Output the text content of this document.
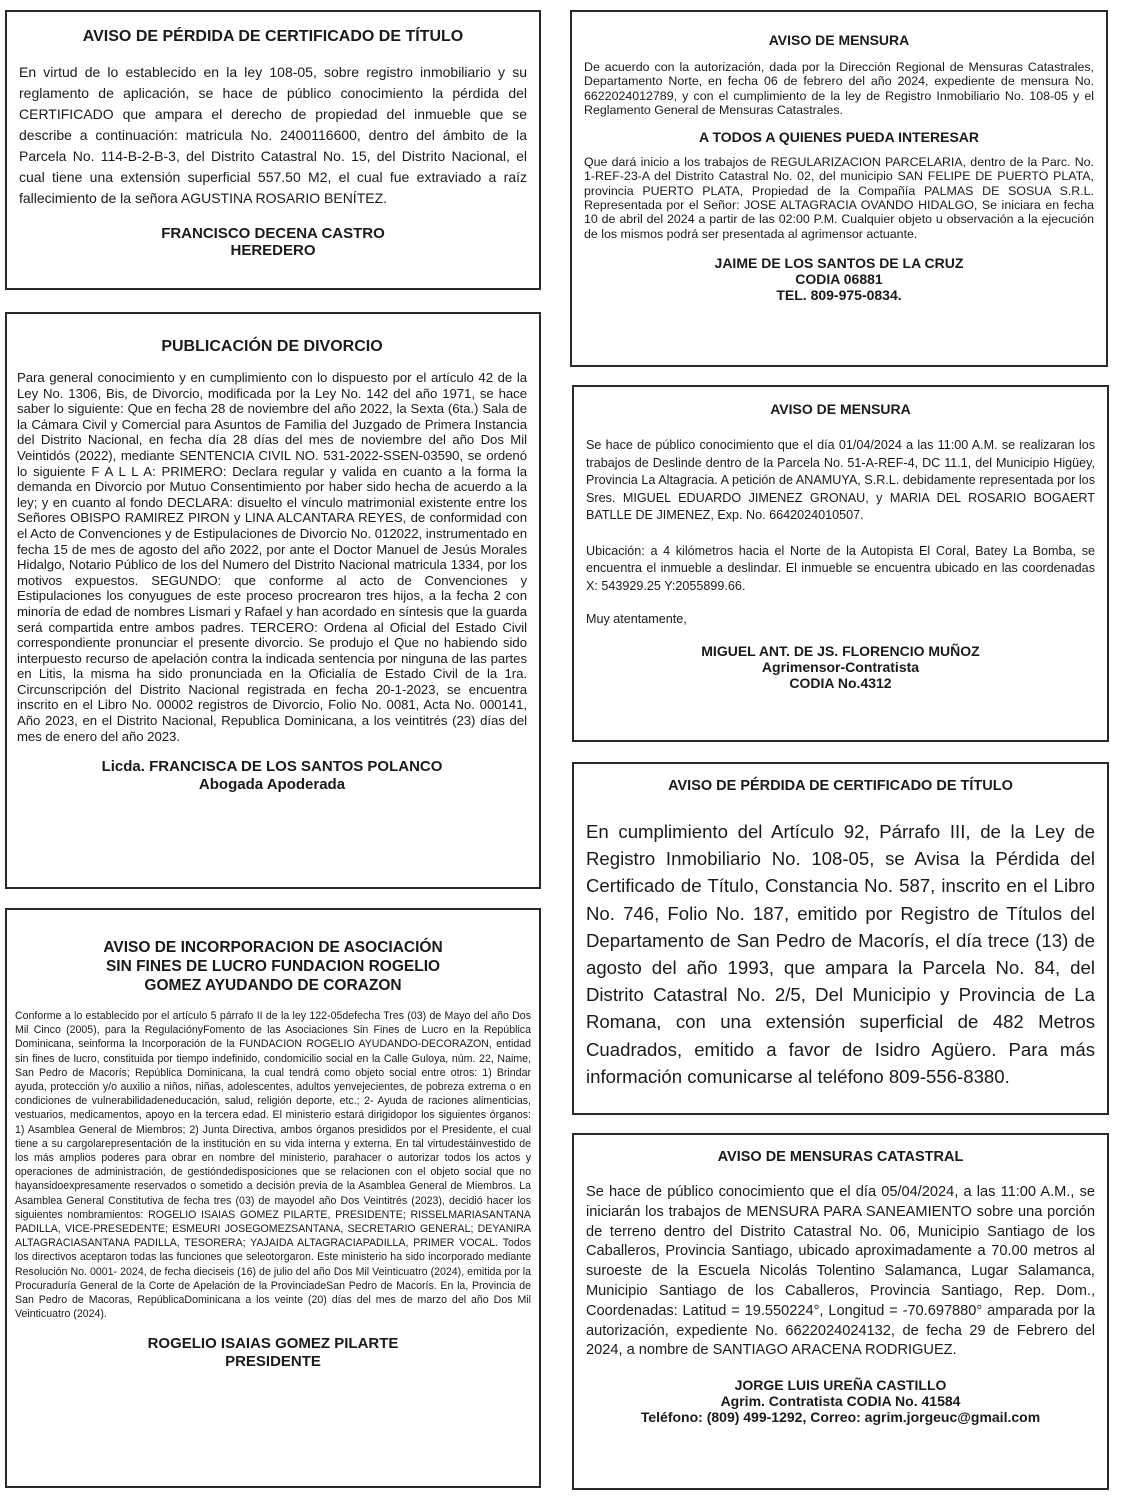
AVISO DE PÉRDIDA DE CERTIFICADO DE TÍTULO

En virtud de lo establecido en la ley 108-05, sobre registro inmobiliario y su reglamento de aplicación, se hace de público conocimiento la pérdida del CERTIFICADO que ampara el derecho de propiedad del inmueble que se describe a continuación: matricula No. 2400116600, dentro del ámbito de la Parcela No. 114-B-2-B-3, del Distrito Catastral No. 15, del Distrito Nacional, el cual tiene una extensión superficial 557.50 M2, el cual fue extraviado a raíz fallecimiento de la señora AGUSTINA ROSARIO BENÍTEZ.

FRANCISCO DECENA CASTRO
HEREDERO

PUBLICACIÓN DE DIVORCIO

Para general conocimiento y en cumplimiento con lo dispuesto por el artículo 42 de la Ley No. 1306, Bis, de Divorcio, modificada por la Ley No. 142 del año 1971, se hace saber lo siguiente: Que en fecha 28 de noviembre del año 2022, la Sexta (6ta.) Sala de la Cámara Civil y Comercial para Asuntos de Familia del Juzgado de Primera Instancia del Distrito Nacional, en fecha día 28 días del mes de noviembre del año Dos Mil Veintidós (2022), mediante SENTENCIA CIVIL NO. 531-2022-SSEN-03590, se ordenó lo siguiente F A L L A: PRIMERO: Declara regular y valida en cuanto a la forma la demanda en Divorcio por Mutuo Consentimiento por haber sido hecha de acuerdo a la ley; y en cuanto al fondo DECLARA: disuelto el vínculo matrimonial existente entre los Señores OBISPO RAMIREZ PIRON y LINA ALCANTARA REYES, de conformidad con el Acto de Convenciones y de Estipulaciones de Divorcio No. 012022, instrumentado en fecha 15 de mes de agosto del año 2022, por ante el Doctor Manuel de Jesús Morales Hidalgo, Notario Público de los del Numero del Distrito Nacional matricula 1334, por los motivos expuestos. SEGUNDO: que conforme al acto de Convenciones y Estipulaciones los conyugues de este proceso procrearon tres hijos, a la fecha 2 con minoría de edad de nombres Lismari y Rafael y han acordado en síntesis que la guarda será compartida entre ambos padres. TERCERO: Ordena al Oficial del Estado Civil correspondiente pronunciar el presente divorcio. Se produjo el Que no habiendo sido interpuesto recurso de apelación contra la indicada sentencia por ninguna de las partes en Litis, la misma ha sido pronunciada en la Oficialía de Estado Civil de la 1ra. Circunscripción del Distrito Nacional registrada en fecha 20-1-2023, se encuentra inscrito en el Libro No. 00002 registros de Divorcio, Folio No. 0081, Acta No. 000141, Año 2023, en el Distrito Nacional, Republica Dominicana, a los veintitrés (23) días del mes de enero del año 2023.

Licda. FRANCISCA DE LOS SANTOS POLANCO
Abogada Apoderada
AVISO DE INCORPORACION DE ASOCIACIÓN
SIN FINES DE LUCRO FUNDACION ROGELIO
GOMEZ AYUDANDO DE CORAZON

Conforme a lo establecido por el artículo 5 párrafo II de la ley 122-05defecha Tres (03) de Mayo del año Dos Mil Cinco (2005), para la RegulaciónyFomento de las Asociaciones Sin Fines de Lucro en la República Dominicana, seinforma la Incorporación de la FUNDACION ROGELIO AYUDANDO-DECORAZON, entidad sin fines de lucro, constituida por tiempo indefinido, condomicilio social en la Calle Guloya, núm. 22, Naime, San Pedro de Macorís; República Dominicana, la cual tendrá como objeto social entre otros: 1) Brindar ayuda, protección y/o auxilio a niños, niñas, adolescentes, adultos yenvejecientes, de pobreza extrema o en condiciones de vulnerabilidadeneducación, salud, religión deporte, etc.; 2- Ayuda de raciones alimenticias, vestuarios, medicamentos, apoyo en la tercera edad. El ministerio estará dirigidopor los siguientes órganos: 1) Asamblea General de Miembros; 2) Junta Directiva, ambos órganos presididos por el Presidente, el cual tiene a su cargolarepresentación de la institución en su vida interna y externa. En tal virtudestáinvestido de los más amplios poderes para obrar en nombre del ministerio, parahacer o autorizar todos los actos y operaciones de administración, de gestióndedisposiciones que se relacionen con el objeto social que no hayansidoexpresamente reservados o sometido a decisión previa de la Asamblea General de Miembros. La Asamblea General Constitutiva de fecha tres (03) de mayodel año Dos Veintitrés (2023), decidió hacer los siguientes nombramientos: ROGELIO ISAIAS GOMEZ PILARTE, PRESIDENTE; RISSELMARIASANTANA PADILLA, VICE-PRESEDENTE; ESMEURI JOSEGOMEZSANTANA, SECRETARIO GENERAL; DEYANIRA ALTAGRACIASANTANA PADILLA, TESORERA; YAJAIDA ALTAGRACIAPADILLA, PRIMER VOCAL. Todos los directivos aceptaron todas las funciones que seleotorgaron. Este ministerio ha sido incorporado mediante Resolución No. 0001- 2024, de fecha dieciseis (16) de julio del año Dos Mil Veinticuatro (2024), emitida por la Procuraduría General de la Corte de Apelación de la ProvinciadeSan Pedro de Macorís. En la, Provincia de San Pedro de Macoras, RepúblicaDominicana a los veinte (20) días del mes de marzo del año Dos Mil Veinticuatro (2024).

ROGELIO ISAIAS GOMEZ PILARTE
PRESIDENTE

AVISO DE MENSURA

De acuerdo con la autorización, dada por la Dirección Regional de Mensuras Catastrales, Departamento Norte, en fecha 06 de febrero del año 2024, expediente de mensura No. 6622024012789, y con el cumplimiento de la ley de Registro Inmobiliario No. 108-05 y el Reglamento General de Mensuras Catastrales.

A TODOS A QUIENES PUEDA INTERESAR

Que dará inicio a los trabajos de REGULARIZACION PARCELARIA, dentro de la Parc. No. 1-REF-23-A del Distrito Catastral No. 02, del municipio SAN FELIPE DE PUERTO PLATA, provincia PUERTO PLATA, Propiedad de la Compañía PALMAS DE SOSUA S.R.L. Representada por el Señor: JOSE ALTAGRACIA OVANDO HIDALGO, Se iniciara en fecha 10 de abril del 2024 a partir de las 02:00 P.M. Cualquier objeto u observación a la ejecución de los mismos podrá ser presentada al agrimensor actuante.

JAIME DE LOS SANTOS DE LA CRUZ
CODIA 06881
TEL. 809-975-0834.

AVISO DE MENSURA

Se hace de público conocimiento que el día 01/04/2024 a las 11:00 A.M. se realizaran los trabajos de Deslinde dentro de la Parcela No. 51-A-REF-4, DC 11.1, del Municipio Higüey, Provincia La Altagracia. A petición de ANAMUYA, S.R.L. debidamente representada por los Sres. MIGUEL EDUARDO JIMENEZ GRONAU, y MARIA DEL ROSARIO BOGAERT BATLLE DE JIMENEZ, Exp. No. 6642024010507.

Ubicación: a 4 kilómetros hacia el Norte de la Autopista El Coral, Batey La Bomba, se encuentra el inmueble a deslindar. El inmueble se encuentra ubicado en las coordenadas X: 543929.25 Y:2055899.66.

Muy atentamente,

MIGUEL ANT. DE JS. FLORENCIO MUÑOZ
Agrimensor-Contratista
CODIA No.4312

AVISO DE PÉRDIDA DE CERTIFICADO DE TÍTULO

En cumplimiento del Artículo 92, Párrafo III, de la Ley de Registro Inmobiliario No. 108-05, se Avisa la Pérdida del Certificado de Título, Constancia No. 587, inscrito en el Libro No. 746, Folio No. 187, emitido por Registro de Títulos del Departamento de San Pedro de Macorís, el día trece (13) de agosto del año 1993, que ampara la Parcela No. 84, del Distrito Catastral No. 2/5, Del Municipio y Provincia de La Romana, con una extensión superficial de 482 Metros Cuadrados, emitido a favor de Isidro Agüero. Para más información comunicarse al teléfono 809-556-8380.

AVISO DE MENSURAS CATASTRAL

Se hace de público conocimiento que el día 05/04/2024, a las 11:00 A.M., se iniciarán los trabajos de MENSURA PARA SANEAMIENTO sobre una porción de terreno dentro del Distrito Catastral No. 06, Municipio Santiago de los Caballeros, Provincia Santiago, ubicado aproximadamente a 70.00 metros al suroeste de la Escuela Nicolás Tolentino Salamanca, Lugar Salamanca, Municipio Santiago de los Caballeros, Provincia Santiago, Rep. Dom., Coordenadas: Latitud = 19.550224°, Longitud = -70.697880° amparada por la autorización, expediente No. 6622024024132, de fecha 29 de Febrero del 2024, a nombre de SANTIAGO ARACENA RODRIGUEZ.

JORGE LUIS UREÑA CASTILLO
Agrim. Contratista CODIA No. 41584
Teléfono: (809) 499-1292, Correo: agrim.jorgeuc@gmail.com
